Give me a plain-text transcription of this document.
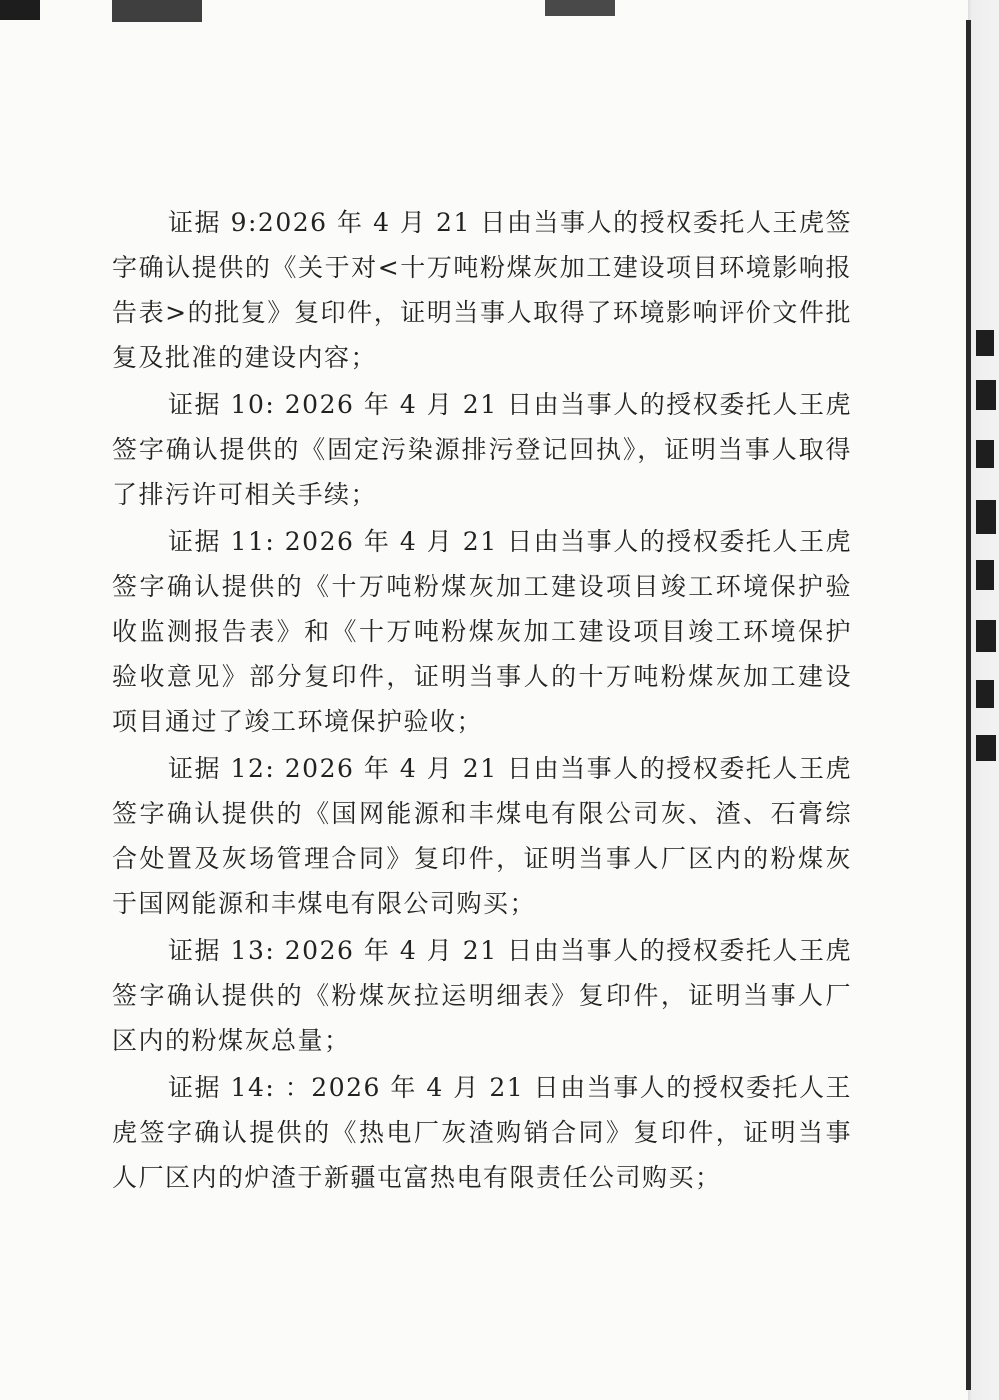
证据 9:2026 年 4 月 21 日由当事人的授权委托人王虎签字确认提供的《关于对<十万吨粉煤灰加工建设项目环境影响报告表>的批复》复印件，证明当事人取得了环境影响评价文件批复及批准的建设内容；

证据 10: 2026 年 4 月 21 日由当事人的授权委托人王虎签字确认提供的《固定污染源排污登记回执》，证明当事人取得了排污许可相关手续；

证据 11: 2026 年 4 月 21 日由当事人的授权委托人王虎签字确认提供的《十万吨粉煤灰加工建设项目竣工环境保护验收监测报告表》和《十万吨粉煤灰加工建设项目竣工环境保护验收意见》部分复印件，证明当事人的十万吨粉煤灰加工建设项目通过了竣工环境保护验收；

证据 12: 2026 年 4 月 21 日由当事人的授权委托人王虎签字确认提供的《国网能源和丰煤电有限公司灰、渣、石膏综合处置及灰场管理合同》复印件，证明当事人厂区内的粉煤灰于国网能源和丰煤电有限公司购买；

证据 13: 2026 年 4 月 21 日由当事人的授权委托人王虎签字确认提供的《粉煤灰拉运明细表》复印件，证明当事人厂区内的粉煤灰总量；

证据 14: ：2026 年 4 月 21 日由当事人的授权委托人王虎签字确认提供的《热电厂灰渣购销合同》复印件，证明当事人厂区内的炉渣于新疆屯富热电有限责任公司购买；
